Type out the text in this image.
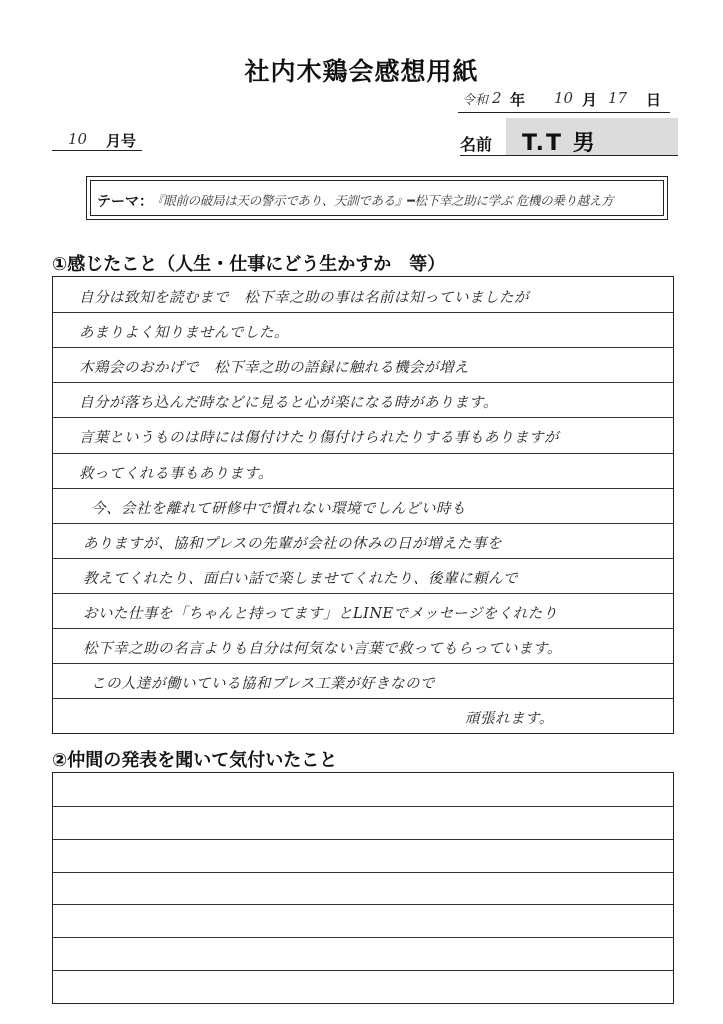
社内木鶏会感想用紙
令和 2 年 10 月 17 日
10 月号	名前 T.T 男
テーマ：
『眼前の破局は天の警示であり、天訓である』━松下幸之助に学ぶ 危機の乗り越え方
①感じたこと（人生・仕事にどう生かすか　等）
自分は致知を読むまで　松下幸之助の事は名前は知っていましたが
あまりよく知りませんでした。
木鶏会のおかげで　松下幸之助の語録に触れる機会が増え
自分が落ち込んだ時などに見ると心が楽になる時があります。
言葉というものは時には傷付けたり傷付けられたりする事もありますが
救ってくれる事もあります。
今、会社を離れて研修中で慣れない環境でしんどい時も
ありますが、協和プレスの先輩が会社の休みの日が増えた事を
教えてくれたり、面白い話で楽しませてくれたり、後輩に頼んで
おいた仕事を「ちゃんと持ってます」とLINEでメッセージをくれたり
松下幸之助の名言よりも自分は何気ない言葉で救ってもらっています。
この人達が働いている協和プレス工業が好きなので
頑張れます。
②仲間の発表を聞いて気付いたこと
